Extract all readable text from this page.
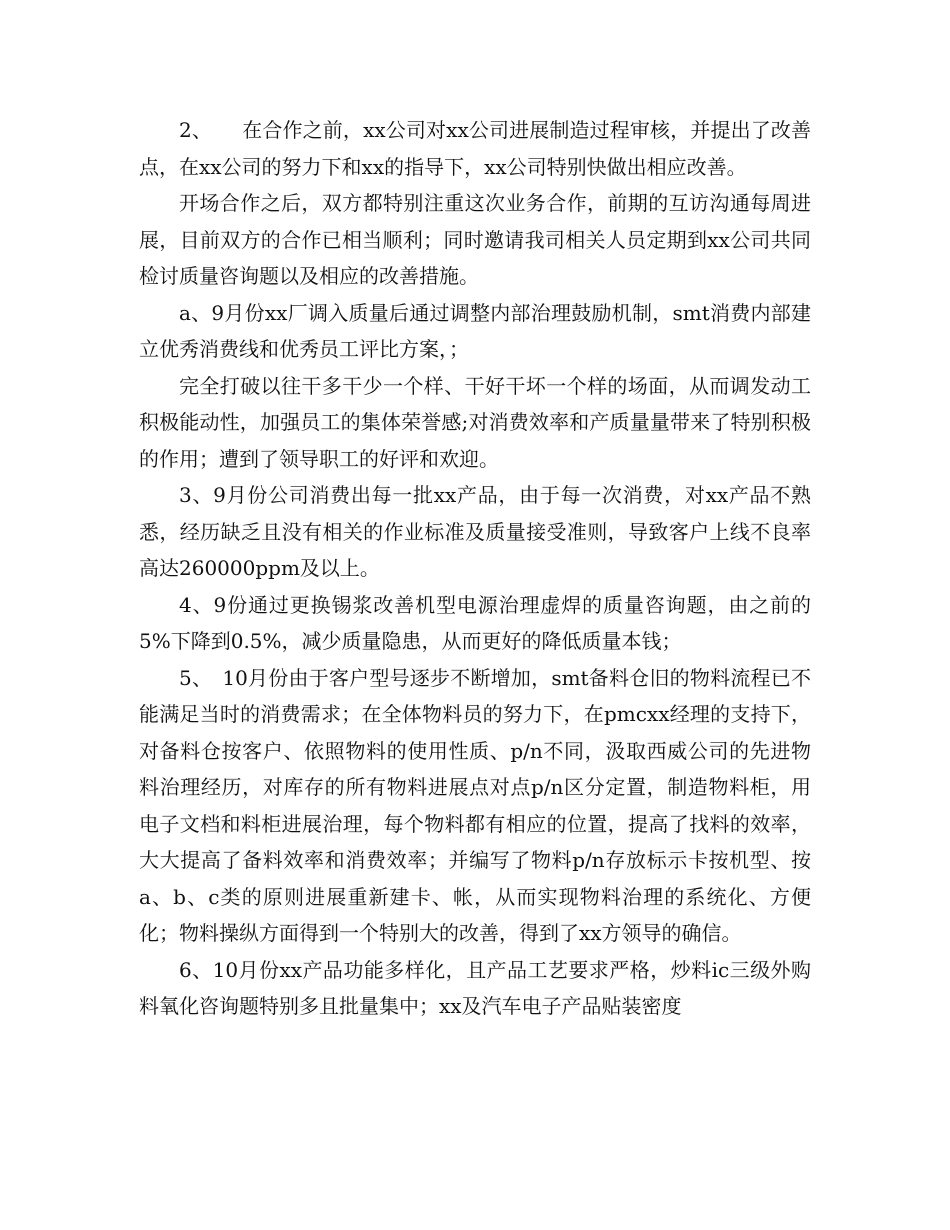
2、　　在合作之前，xx公司对xx公司进展制造过程审核，并提出了改善点，在xx公司的努力下和xx的指导下，xx公司特别快做出相应改善。

开场合作之后，双方都特别注重这次业务合作，前期的互访沟通每周进展，目前双方的合作已相当顺利；同时邀请我司相关人员定期到xx公司共同检讨质量咨询题以及相应的改善措施。

a、9月份xx厂调入质量后通过调整内部治理鼓励机制，smt消费内部建立优秀消费线和优秀员工评比方案，；

完全打破以往干多干少一个样、干好干坏一个样的场面，从而调发动工积极能动性，加强员工的集体荣誉感;对消费效率和产质量量带来了特别积极的作用；遭到了领导职工的好评和欢迎。

3、9月份公司消费出每一批xx产品，由于每一次消费，对xx产品不熟悉，经历缺乏且没有相关的作业标准及质量接受准则，导致客户上线不良率高达260000ppm及以上。

4、9份通过更换锡浆改善机型电源治理虚焊的质量咨询题，由之前的5%下降到0.5%，减少质量隐患，从而更好的降低质量本钱；

5、　10月份由于客户型号逐步不断增加，smt备料仓旧的物料流程已不能满足当时的消费需求；在全体物料员的努力下，在pmcxx经理的支持下，对备料仓按客户、依照物料的使用性质、p/n不同，汲取西威公司的先进物料治理经历，对库存的所有物料进展点对点p/n区分定置，制造物料柜，用电子文档和料柜进展治理，每个物料都有相应的位置，提高了找料的效率，大大提高了备料效率和消费效率；并编写了物料p/n存放标示卡按机型、按a、b、c类的原则进展重新建卡、帐，从而实现物料治理的系统化、方便化；物料操纵方面得到一个特别大的改善，得到了xx方领导的确信。

6、10月份xx产品功能多样化，且产品工艺要求严格，炒料ic三级外购料氧化咨询题特别多且批量集中；xx及汽车电子产品贴装密度
